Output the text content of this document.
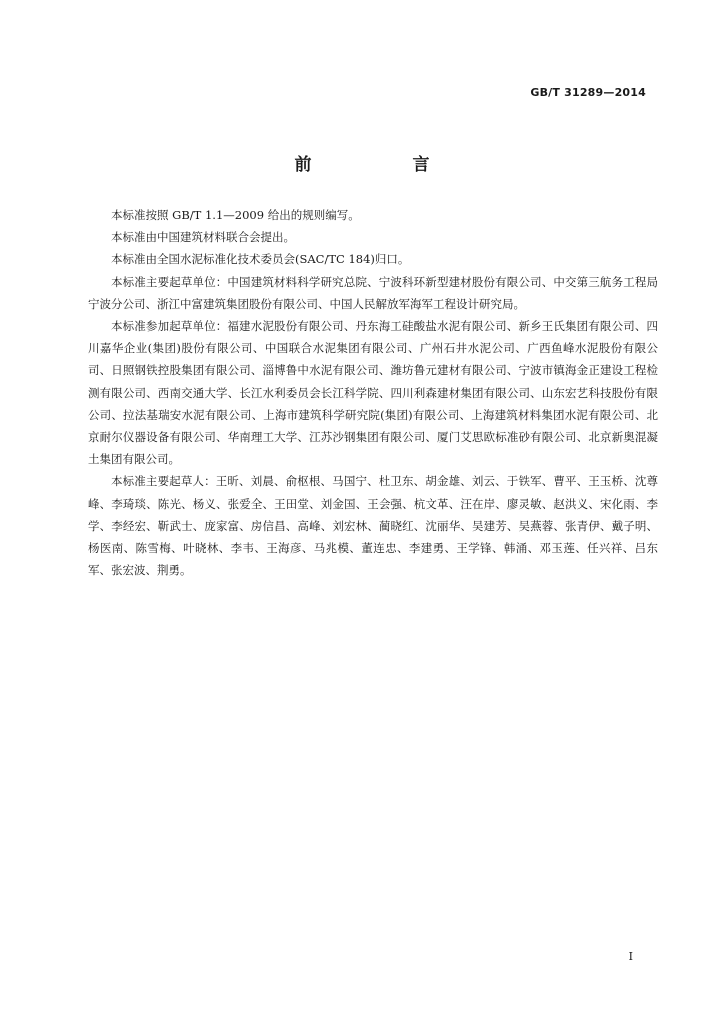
GB/T 31289—2014
前　言

本标准按照 GB/T 1.1—2009 给出的规则编写。

本标准由中国建筑材料联合会提出。

本标准由全国水泥标准化技术委员会(SAC/TC 184)归口。

本标准主要起草单位：中国建筑材料科学研究总院、宁波科环新型建材股份有限公司、中交第三航务工程局宁波分公司、浙江中富建筑集团股份有限公司、中国人民解放军海军工程设计研究局。

本标准参加起草单位：福建水泥股份有限公司、丹东海工硅酸盐水泥有限公司、新乡王氏集团有限公司、四川嘉华企业(集团)股份有限公司、中国联合水泥集团有限公司、广州石井水泥公司、广西鱼峰水泥股份有限公司、日照钢铁控股集团有限公司、淄博鲁中水泥有限公司、潍坊鲁元建材有限公司、宁波市镇海金正建设工程检测有限公司、西南交通大学、长江水利委员会长江科学院、四川利森建材集团有限公司、山东宏艺科技股份有限公司、拉法基瑞安水泥有限公司、上海市建筑科学研究院(集团)有限公司、上海建筑材料集团水泥有限公司、北京耐尔仪器设备有限公司、华南理工大学、江苏沙钢集团有限公司、厦门艾思欧标准砂有限公司、北京新奥混凝土集团有限公司。

本标准主要起草人：王昕、刘晨、俞枢根、马国宁、杜卫东、胡金雄、刘云、于铁军、曹平、王玉桥、沈尊峰、李琦琰、陈光、杨义、张爱全、王田堂、刘金国、王会强、杭文革、汪在岸、廖灵敏、赵洪义、宋化雨、李学、李经宏、靳武士、庞家富、房信昌、高峰、刘宏林、蔺晓红、沈丽华、吴建芳、吴燕蓉、张青伊、戴子明、杨医南、陈雪梅、叶晓林、李韦、王海彦、马兆模、董连忠、李建勇、王学锋、韩涌、邓玉莲、任兴祥、吕东军、张宏波、荆勇。

I
